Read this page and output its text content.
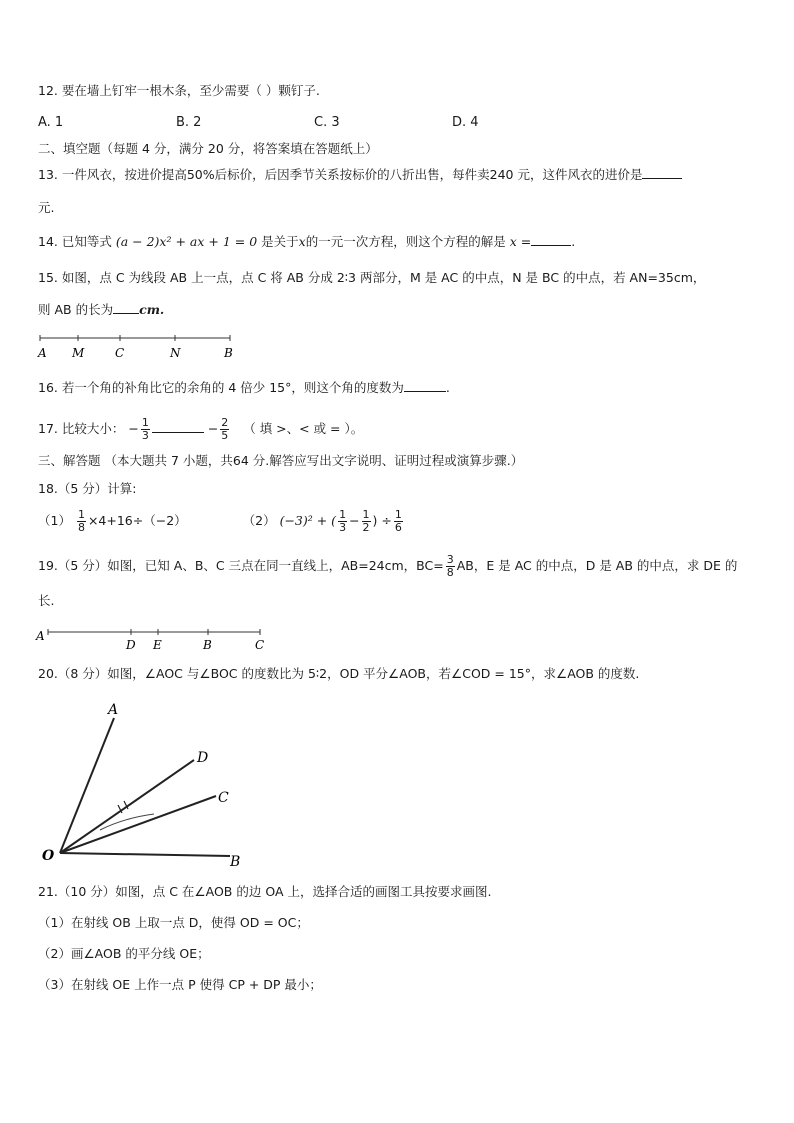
12. 要在墙上钉牢一根木条，至少需要（ ）颗钉子.
A. 1	B. 2	C. 3	D. 4
二、填空题（每题 4 分，满分 20 分，将答案填在答题纸上）
13. 一件风衣，按进价提高50%后标价，后因季节关系按标价的八折出售，每件卖240 元，这件风衣的进价是
元.
14. 已知等式 (a − 2)x² + ax + 1 = 0 是关于x的一元一次方程，则这个方程的解是 x =	.
15. 如图，点 C 为线段 AB 上一点，点 C 将 AB 分成 2∶3 两部分，M 是 AC 的中点，N 是 BC 的中点，若 AN=35cm，
则 AB 的长为 cm.
A M	C	N	B
16. 若一个角的补角比它的余角的 4 倍少 15°，则这个角的度数为	.
17. 比较大小： − $\frac{1}{3}$	− $\frac{2}{5}$ （ 填 >、< 或 = ）。
三、解答题 （本大题共 7 小题，共64 分.解答应写出文字说明、证明过程或演算步骤.）
18.（5 分）计算:
$(1) \frac{1}{8} \times 4+16\div(-2)$	（2） (−3)² + ( $\frac{1}{3} - \frac{1}{2}$ ) ÷ $\frac{1}{6}$
19.（5 分）如图，已知 A、B、C 三点在同一直线上，AB=24cm，$BC= \frac{3}{8}$ AB，E 是 AC 的中点，D 是 AB 的中点，求 DE 的
长.
A
D E	B	C
20.（8 分）如图，∠AOC 与∠BOC 的度数比为 5∶2，OD 平分∠AOB，若∠COD = 15°，求∠AOB 的度数.
A
D
C
O	B
21.（10 分）如图，点 C 在∠AOB 的边 OA 上，选择合适的画图工具按要求画图.
（1）在射线 OB 上取一点 D，使得 OD = OC；
（2）画∠AOB 的平分线 OE；
（3）在射线 OE 上作一点 P 使得 CP + DP 最小；
